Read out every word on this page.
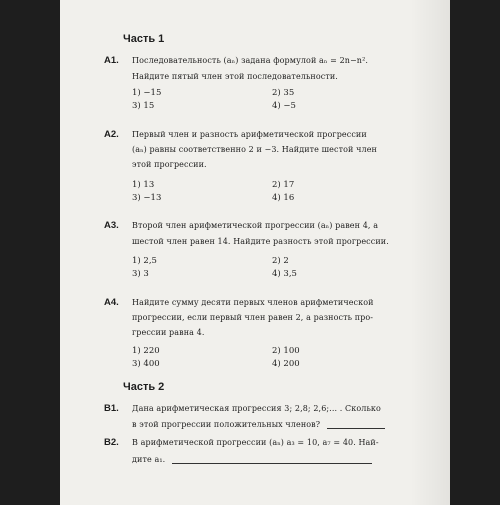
Часть 1
А1. Последовательность (aₙ) задана формулой aₙ = 2n−n².
Найдите пятый член этой последовательности.
1) −15	2) 35
3) 15	4) −5
А2. Первый член и разность арифметической прогрессии
(aₙ) равны соответственно 2 и −3. Найдите шестой член
этой прогрессии.
1) 13	2) 17
3) −13	4) 16
А3. Второй член арифметической прогрессии (aₙ) равен 4, а
шестой член равен 14. Найдите разность этой прогрессии.
1) 2,5	2) 2
3) 3	4) 3,5
А4. Найдите сумму десяти первых членов арифметической
прогрессии, если первый член равен 2, а разность про-
грессии равна 4.
1) 220	2) 100
3) 400	4) 200
Часть 2
В1. Дана арифметическая прогрессия 3; 2,8; 2,6;... . Сколько
в этой прогрессии положительных членов?
В2. В арифметической прогрессии (aₙ) a₃ = 10, a₇ = 40. Най-
дите a₁.
